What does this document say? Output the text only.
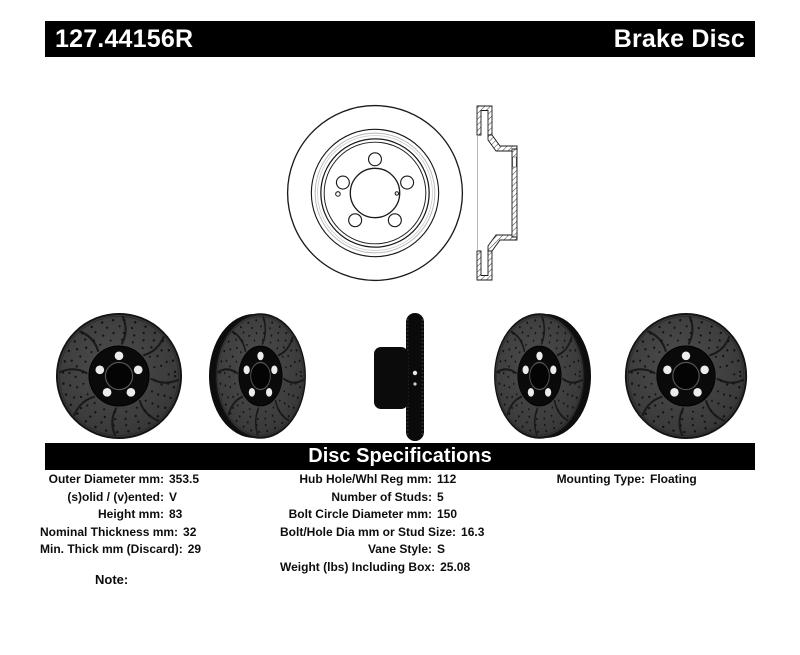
127.44156R	Brake Disc
Disc Specifications
Outer Diameter mm: 353.5
(s)olid / (v)ented: V
Height mm: 83
Nominal Thickness mm: 32
Min. Thick mm (Discard): 29
Hub Hole/Whl Reg mm: 112
Number of Studs: 5
Bolt Circle Diameter mm: 150
Bolt/Hole Dia mm or Stud Size: 16.3
Vane Style: S
Weight (lbs) Including Box: 25.08
Mounting Type: Floating
Note:
